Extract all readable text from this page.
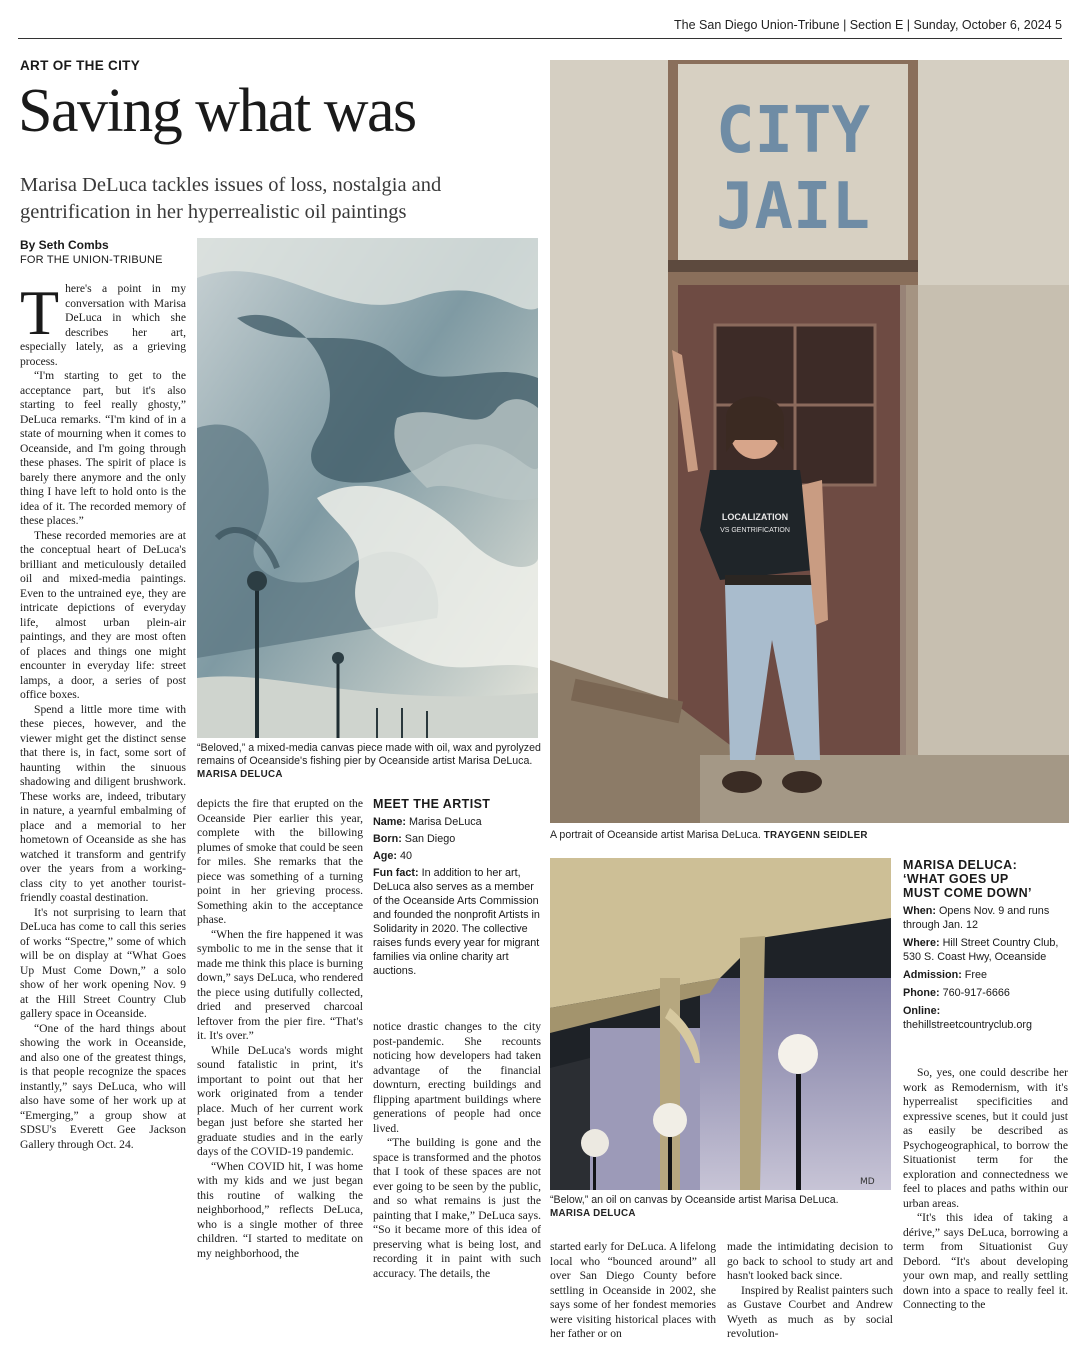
The San Diego Union-Tribune | Section E | Sunday, October 6, 2024 5
ART OF THE CITY
Saving what was
Marisa DeLuca tackles issues of loss, nostalgia and gentrification in her hyperrealistic oil paintings
By Seth Combs
FOR THE UNION-TRIBUNE

There's a point in my conversation with Marisa DeLuca in which she describes her art, especially lately, as a grieving process.

“I'm starting to get to the acceptance part, but it's also starting to feel really ghosty,” DeLuca remarks. “I'm kind of in a state of mourning when it comes to Oceanside, and I'm going through these phases. The spirit of place is barely there anymore and the only thing I have left to hold onto is the idea of it. The recorded memory of these places.”

These recorded memories are at the conceptual heart of DeLuca's brilliant and meticulously detailed oil and mixed-media paintings. Even to the untrained eye, they are intricate depictions of everyday life, almost urban plein-air paintings, and they are most often of places and things one might encounter in everyday life: street lamps, a door, a series of post office boxes.

Spend a little more time with these pieces, however, and the viewer might get the distinct sense that there is, in fact, some sort of haunting within the sinuous shadowing and diligent brushwork. These works are, indeed, tributary in nature, a yearnful embalming of place and a memorial to her hometown of Oceanside as she has watched it transform and gentrify over the years from a working-class city to yet another tourist-friendly coastal destination.

It's not surprising to learn that DeLuca has come to call this series of works “Spectre,” some of which will be on display at “What Goes Up Must Come Down,” a solo show of her work opening Nov. 9 at the Hill Street Country Club gallery space in Oceanside.

“One of the hard things about showing the work in Oceanside, and also one of the greatest things, is that people recognize the spaces instantly,” says DeLuca, who will also have some of her work up at “Emerging,” a group show at SDSU's Everett Gee Jackson Gallery through Oct. 24.

“Beloved,” a mixed-media canvas piece made with oil, wax and pyrolyzed remains of Oceanside's fishing pier by Oceanside artist Marisa DeLuca. MARISA DELUCA

depicts the fire that erupted on the Oceanside Pier earlier this year, complete with the billowing plumes of smoke that could be seen for miles. She remarks that the piece was something of a turning point in her grieving process. Something akin to the acceptance phase.

“When the fire happened it was symbolic to me in the sense that it made me think this place is burning down,” says DeLuca, who rendered the piece using dutifully collected, dried and preserved charcoal leftover from the pier fire. “That's it. It's over.”

While DeLuca's words might sound fatalistic in print, it's important to point out that her work originated from a tender place. Much of her current work began just before she started her graduate studies and in the early days of the COVID-19 pandemic.

“When COVID hit, I was home with my kids and we just began this routine of walking the neighborhood,” reflects DeLuca, who is a single mother of three children. “I started to meditate on my neighborhood, the

MEET THE ARTIST
Name: Marisa DeLuca
Born: San Diego
Age: 40
Fun fact: In addition to her art, DeLuca also serves as a member of the Oceanside Arts Commission and founded the nonprofit Artists in Solidarity in 2020. The collective raises funds every year for migrant families via online charity art auctions.

notice drastic changes to the city post-pandemic. She recounts noticing how developers had taken advantage of the financial downturn, erecting buildings and flipping apartment buildings where generations of people had once lived.

“The building is gone and the space is transformed and the photos that I took of these spaces are not ever going to be seen by the public, and so what remains is just the painting that I make,” DeLuca says. “So it became more of this idea of preserving what is being lost, and recording it in paint with such accuracy. The details, the

CITY
JAIL
LOCALIZATION
VS GENTRIFICATION
A portrait of Oceanside artist Marisa DeLuca. TRAYGENN SEIDLER
MD
“Below,” an oil on canvas by Oceanside artist Marisa DeLuca.
MARISA DELUCA

started early for DeLuca. A lifelong local who “bounced around” all over San Diego County before settling in Oceanside in 2002, she says some of her fondest memories were visiting historical places with her father or on

made the intimidating decision to go back to school to study art and hasn't looked back since.

Inspired by Realist painters such as Gustave Courbet and Andrew Wyeth as much as by social revolution-

MARISA DELUCA:
‘WHAT GOES UP
MUST COME DOWN’
When: Opens Nov. 9 and runs through Jan. 12
Where: Hill Street Country Club, 530 S. Coast Hwy, Oceanside
Admission: Free
Phone: 760-917-6666
Online:
thehillstreetcountryclub.org

So, yes, one could describe her work as Remodernism, with it's hyperrealist specificities and expressive scenes, but it could just as easily be described as Psychogeographical, to borrow the Situationist term for the exploration and connectedness we feel to places and paths within our urban areas.

“It's this idea of taking a dérive,” says DeLuca, borrowing a term from Situationist Guy Debord. “It's about developing your own map, and really settling down into a space to really feel it. Connecting to the
